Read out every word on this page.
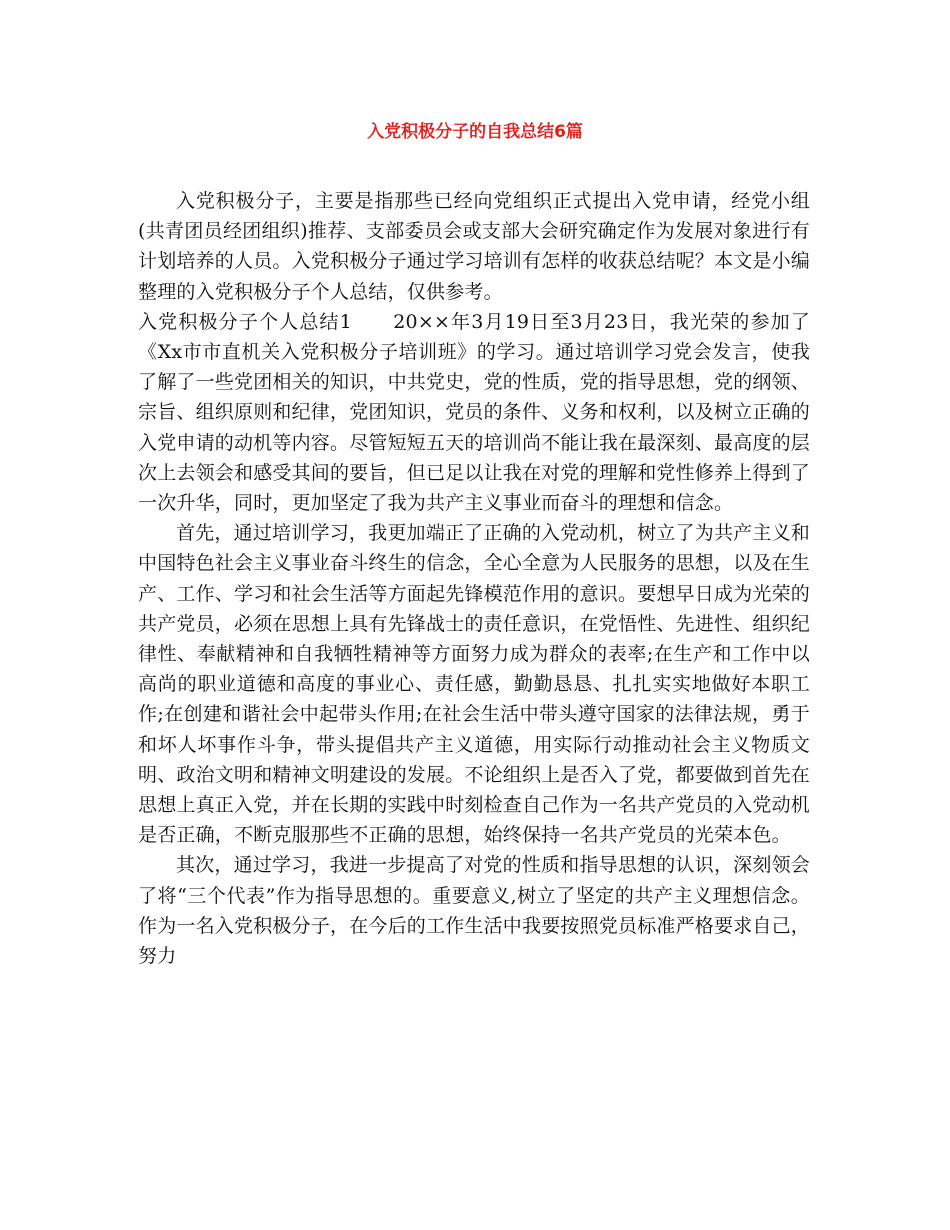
入党积极分子的自我总结6篇

入党积极分子，主要是指那些已经向党组织正式提出入党申请，经党小组(共青团员经团组织)推荐、支部委员会或支部大会研究确定作为发展对象进行有计划培养的人员。入党积极分子通过学习培训有怎样的收获总结呢？本文是小编整理的入党积极分子个人总结，仅供参考。

入党积极分子个人总结1　　20××年3月19日至3月23日，我光荣的参加了《Xx市市直机关入党积极分子培训班》的学习。通过培训学习党会发言，使我了解了一些党团相关的知识，中共党史，党的性质，党的指导思想，党的纲领、宗旨、组织原则和纪律，党团知识，党员的条件、义务和权利，以及树立正确的入党申请的动机等内容。尽管短短五天的培训尚不能让我在最深刻、最高度的层次上去领会和感受其间的要旨，但已足以让我在对党的理解和党性修养上得到了一次升华，同时，更加坚定了我为共产主义事业而奋斗的理想和信念。

首先，通过培训学习，我更加端正了正确的入党动机，树立了为共产主义和中国特色社会主义事业奋斗终生的信念，全心全意为人民服务的思想，以及在生产、工作、学习和社会生活等方面起先锋模范作用的意识。要想早日成为光荣的共产党员，必须在思想上具有先锋战士的责任意识，在党悟性、先进性、组织纪律性、奉献精神和自我牺牲精神等方面努力成为群众的表率;在生产和工作中以高尚的职业道德和高度的事业心、责任感，勤勤恳恳、扎扎实实地做好本职工作;在创建和谐社会中起带头作用;在社会生活中带头遵守国家的法律法规，勇于和坏人坏事作斗争，带头提倡共产主义道德，用实际行动推动社会主义物质文明、政治文明和精神文明建设的发展。不论组织上是否入了党，都要做到首先在思想上真正入党，并在长期的实践中时刻检查自己作为一名共产党员的入党动机是否正确，不断克服那些不正确的思想，始终保持一名共产党员的光荣本色。

其次，通过学习，我进一步提高了对党的性质和指导思想的认识，深刻领会了将“三个代表”作为指导思想的。重要意义,树立了坚定的共产主义理想信念。作为一名入党积极分子，在今后的工作生活中我要按照党员标准严格要求自己，努力
